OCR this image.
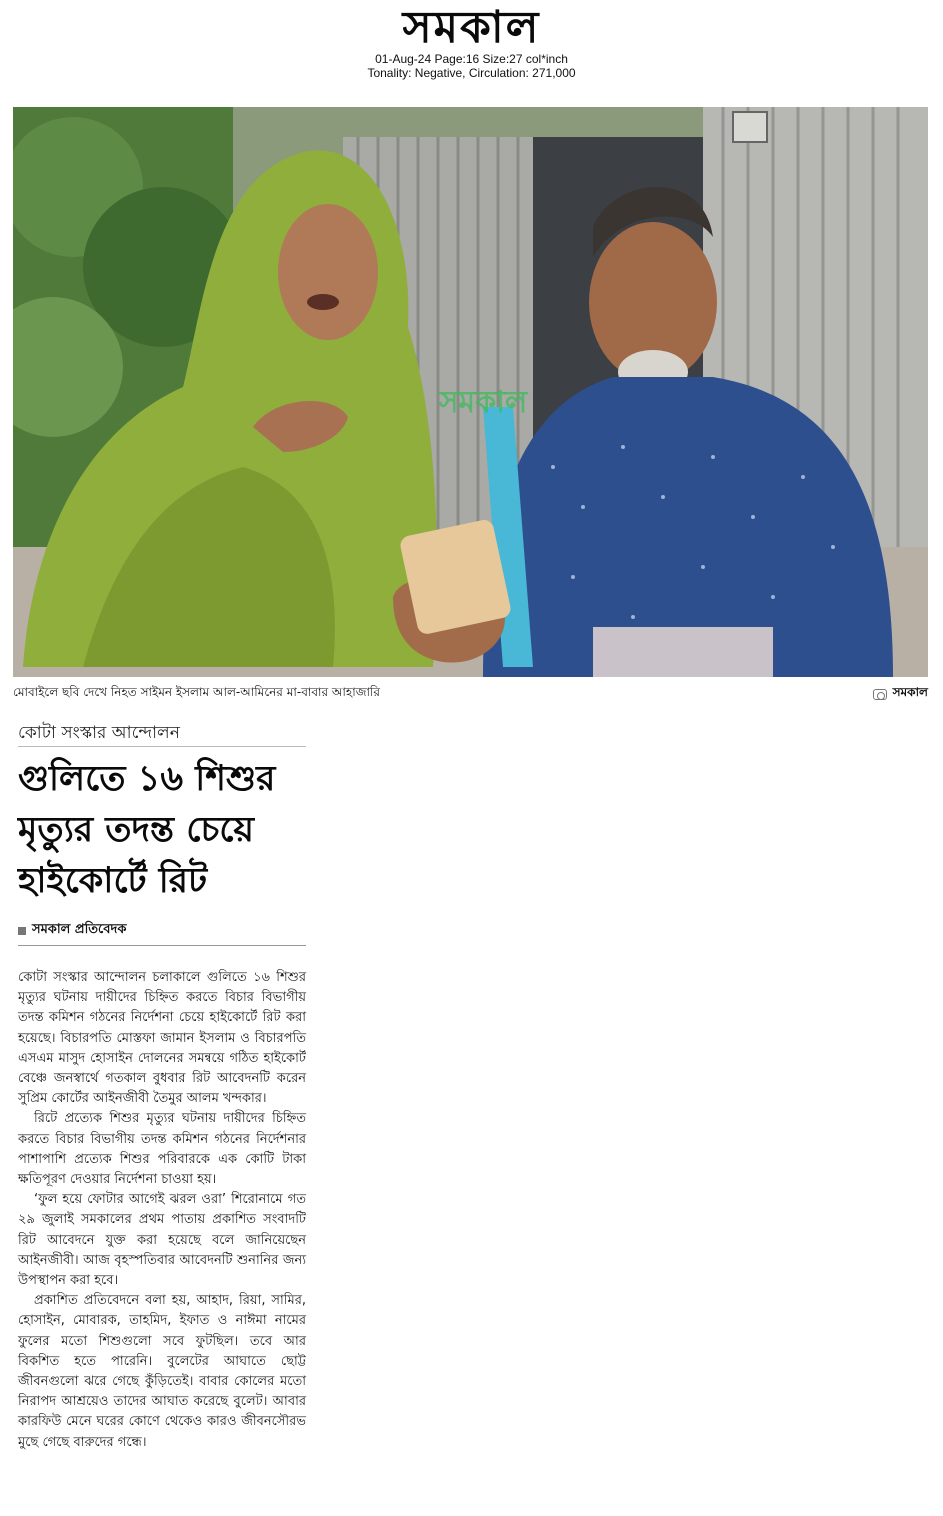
সমকাল
01-Aug-24 Page:16 Size:27 col*inch
Tonality: Negative, Circulation: 271,000
সমকাল
মোবাইলে ছবি দেখে নিহত সাইমন ইসলাম আল-আমিনের মা-বাবার আহাজারি	সমকাল
কোটা সংস্কার আন্দোলন
গুলিতে ১৬ শিশুর
মৃত্যুর তদন্ত চেয়ে
হাইকোর্টে রিট
সমকাল প্রতিবেদক

কোটা সংস্কার আন্দোলন চলাকালে গুলিতে ১৬ শিশুর মৃত্যুর ঘটনায় দায়ীদের চিহ্নিত করতে বিচার বিভাগীয় তদন্ত কমিশন গঠনের নির্দেশনা চেয়ে হাইকোর্টে রিট করা হয়েছে। বিচারপতি মোস্তফা জামান ইসলাম ও বিচারপতি এসএম মাসুদ হোসাইন দোলনের সমন্বয়ে গঠিত হাইকোর্ট বেঞ্চে জনস্বার্থে গতকাল বুধবার রিট আবেদনটি করেন সুপ্রিম কোর্টের আইনজীবী তৈমুর আলম খন্দকার।

রিটে প্রত্যেক শিশুর মৃত্যুর ঘটনায় দায়ীদের চিহ্নিত করতে বিচার বিভাগীয় তদন্ত কমিশন গঠনের নির্দেশনার পাশাপাশি প্রত্যেক শিশুর পরিবারকে এক কোটি টাকা ক্ষতিপূরণ দেওয়ার নির্দেশনা চাওয়া হয়।

‘ফুল হয়ে ফোটার আগেই ঝরল ওরা’ শিরোনামে গত ২৯ জুলাই সমকালের প্রথম পাতায় প্রকাশিত সংবাদটি রিট আবেদনে যুক্ত করা হয়েছে বলে জানিয়েছেন আইনজীবী। আজ বৃহস্পতিবার আবেদনটি শুনানির জন্য উপস্থাপন করা হবে।

প্রকাশিত প্রতিবেদনে বলা হয়, আহাদ, রিয়া, সামির, হোসাইন, মোবারক, তাহমিদ, ইফাত ও নাঈমা নামের ফুলের মতো শিশুগুলো সবে ফুটছিল। তবে আর বিকশিত হতে পারেনি। বুলেটের আঘাতে ছোট্ট জীবনগুলো ঝরে গেছে কুঁড়িতেই। বাবার কোলের মতো নিরাপদ আশ্রয়েও তাদের আঘাত করেছে বুলেট। আবার কারফিউ মেনে ঘরের কোণে থেকেও কারও জীবনসৌরভ মুছে গেছে বারুদের গন্ধে।
